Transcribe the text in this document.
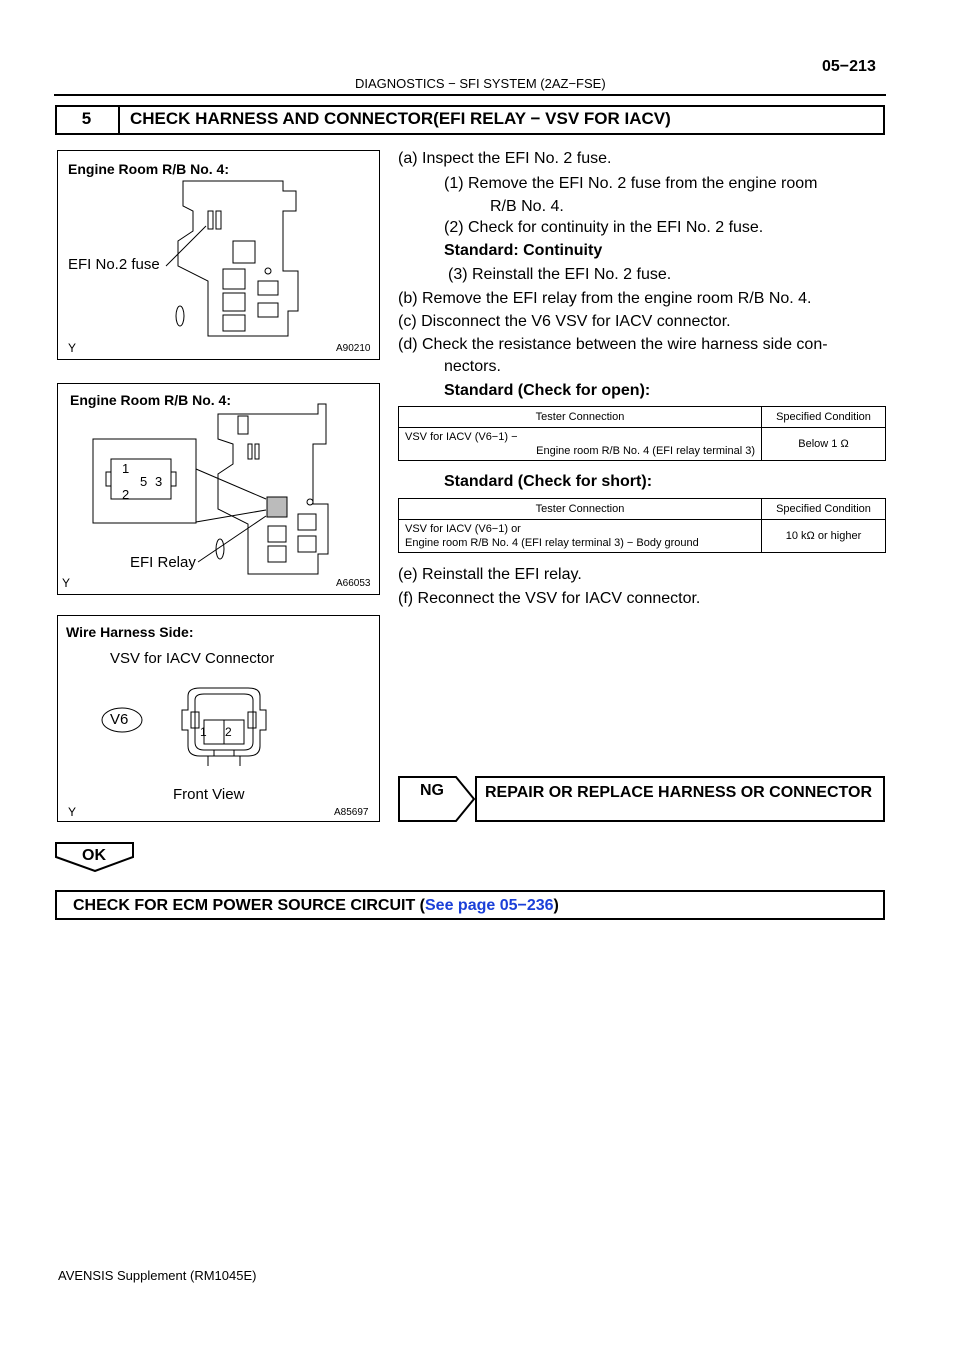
DIAGNOSTICS − SFI SYSTEM (2AZ−FSE)
05−213
5	CHECK HARNESS AND CONNECTOR(EFI RELAY − VSV FOR IACV)
Engine Room R/B No. 4:
EFI No.2 fuse
Y	A90210
Engine Room R/B No. 4:
1
5 3
2
EFI Relay
Y	A66053
Wire Harness Side:
VSV for IACV Connector
V6
1 2
Front View
Y	A85697
(a) Inspect the EFI No. 2 fuse.
(1) Remove the EFI No. 2 fuse from the engine room
R/B No. 4.
(2) Check for continuity in the EFI No. 2 fuse.
Standard: Continuity
(3) Reinstall the EFI No. 2 fuse.
(b) Remove the EFI relay from the engine room R/B No. 4.
(c) Disconnect the V6 VSV for IACV connector.
(d) Check the resistance between the wire harness side con-
nectors.
Standard (Check for open):
Tester Connection	Specified Condition

VSV for IACV (V6−1) −
Engine room R/B No. 4 (EFI relay terminal 3)	Below 1 Ω
Standard (Check for short):
Tester Connection	Specified Condition

VSV for IACV (V6−1) or
Engine room R/B No. 4 (EFI relay terminal 3) − Body ground	10 kΩ or higher
(e) Reinstall the EFI relay.
(f) Reconnect the VSV for IACV connector.
NG	REPAIR OR REPLACE HARNESS OR CONNECTOR
OK
CHECK FOR ECM POWER SOURCE CIRCUIT (See page 05−236)
AVENSIS Supplement (RM1045E)
